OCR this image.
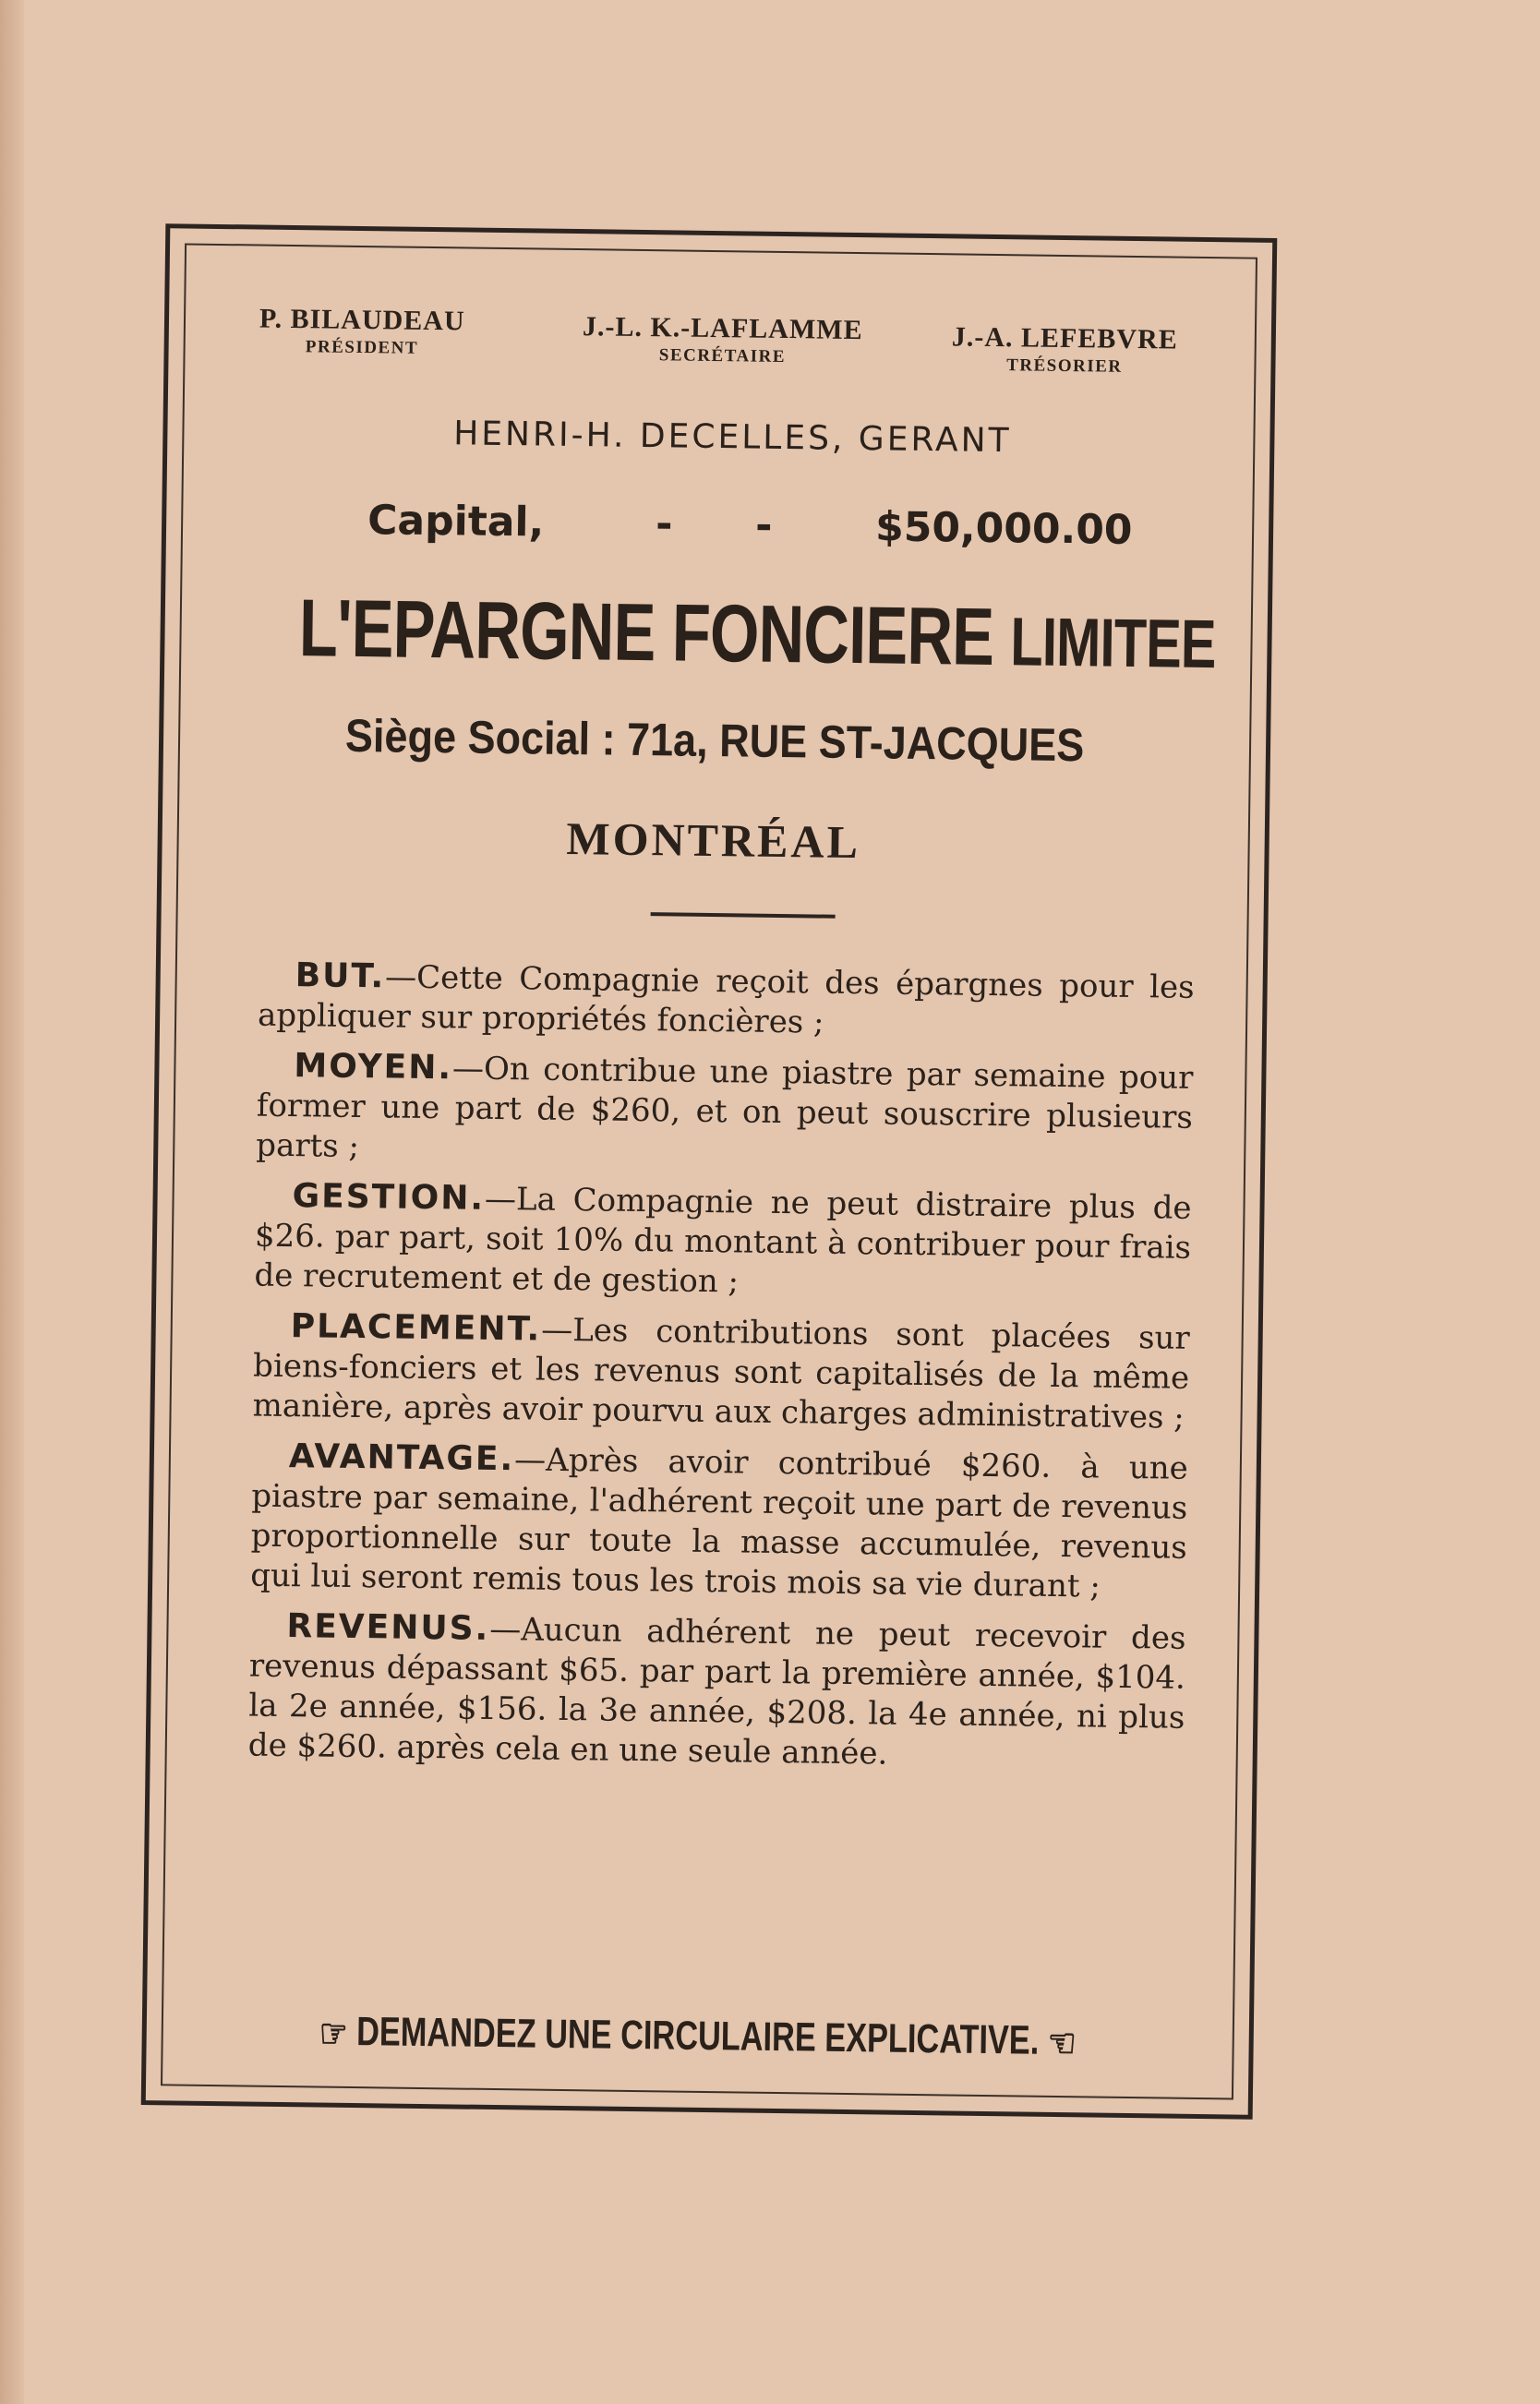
P. BILAUDEAU
PRÉSIDENT
J.-L. K.-LAFLAMME
SECRÉTAIRE
J.-A. LEFEBVRE
TRÉSORIER
HENRI-H. DECELLES, GERANT
Capital,	- -	$50,000.00
L'EPARGNE FONCIERE LIMITEE
Siège Social : 71a, RUE ST-JACQUES
MONTRÉAL

BUT.—Cette Compagnie reçoit des épargnes pour les appliquer sur propriétés foncières ;

MOYEN.—On contribue une piastre par semaine pour former une part de $260, et on peut souscrire plusieurs parts ;

GESTION.—La Compagnie ne peut distraire plus de $26. par part, soit 10% du montant à contribuer pour frais de recrutement et de gestion ;

PLACEMENT.—Les contributions sont placées sur biens-fonciers et les revenus sont capitalisés de la même manière, après avoir pourvu aux charges administratives ;

AVANTAGE.—Après avoir contribué $260. à une piastre par semaine, l'adhérent reçoit une part de revenus proportionnelle sur toute la masse accumulée, revenus qui lui seront remis tous les trois mois sa vie durant ;

REVENUS.—Aucun adhérent ne peut recevoir des revenus dépassant $65. par part la première année, $104. la 2e année, $156. la 3e année, $208. la 4e année, ni plus de $260. après cela en une seule année.

☞ DEMANDEZ UNE CIRCULAIRE EXPLICATIVE. ☜
